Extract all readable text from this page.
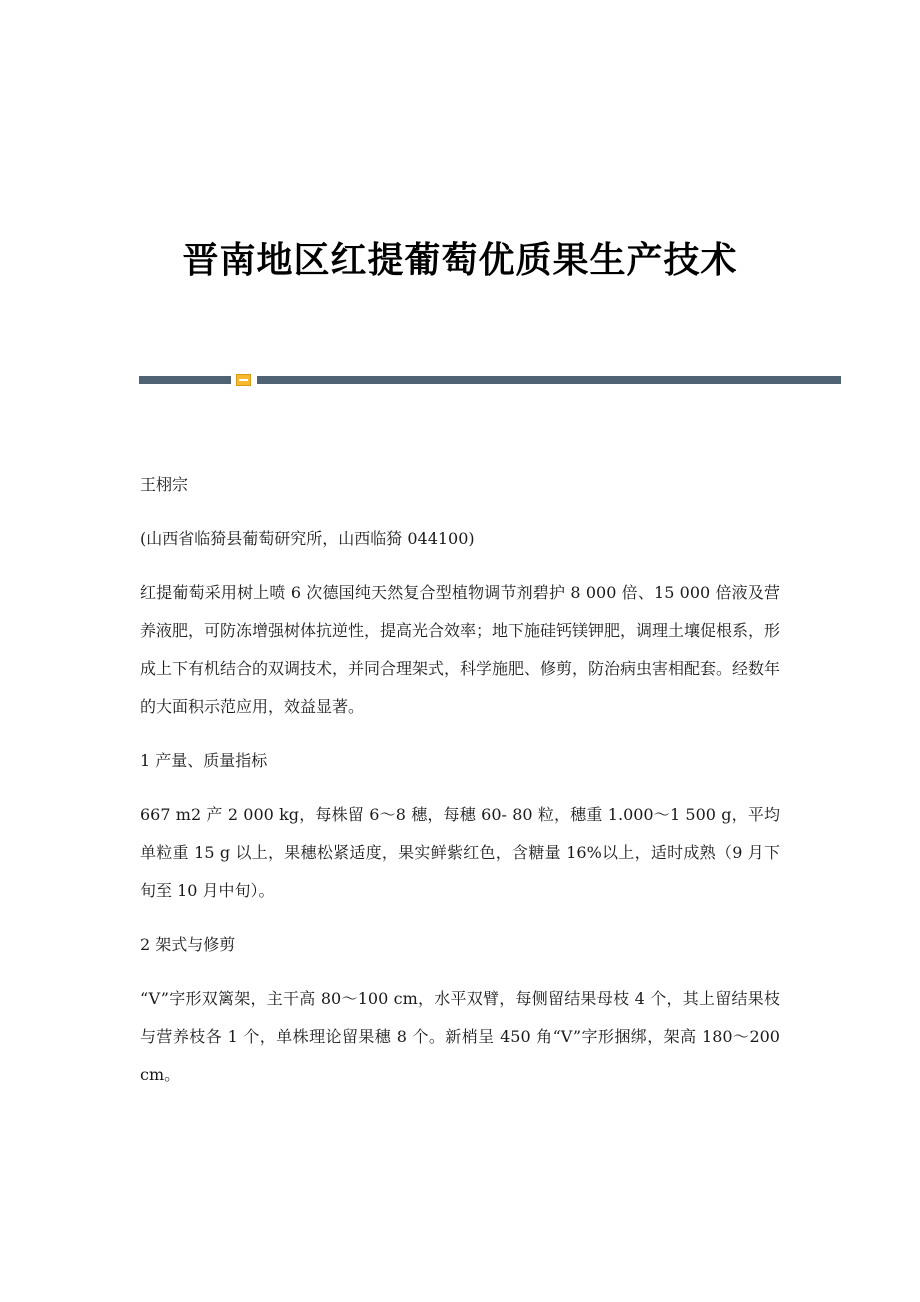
晋南地区红提葡萄优质果生产技术

王栩宗

(山西省临猗县葡萄研究所，山西临猗 044100)

红提葡萄采用树上喷 6 次德国纯天然复合型植物调节剂碧护 8 000 倍、15 000 倍液及营养液肥，可防冻增强树体抗逆性，提高光合效率；地下施硅钙镁钾肥，调理土壤促根系，形成上下有机结合的双调技术，并同合理架式，科学施肥、修剪，防治病虫害相配套。经数年的大面积示范应用，效益显著。

1 产量、质量指标

667 m2 产 2 000 kg，每株留 6～8 穗，每穗 60- 80 粒，穗重 1.000～1 500 g，平均单粒重 15 g 以上，果穗松紧适度，果实鲜紫红色，含糖量 16%以上，适时成熟（9 月下旬至 10 月中旬）。

2 架式与修剪

“V”字形双篱架，主干高 80～100 cm，水平双臂，每侧留结果母枝 4 个，其上留结果枝与营养枝各 1 个，单株理论留果穗 8 个。新梢呈 450 角“V”字形捆绑，架高 180～200 cm。
